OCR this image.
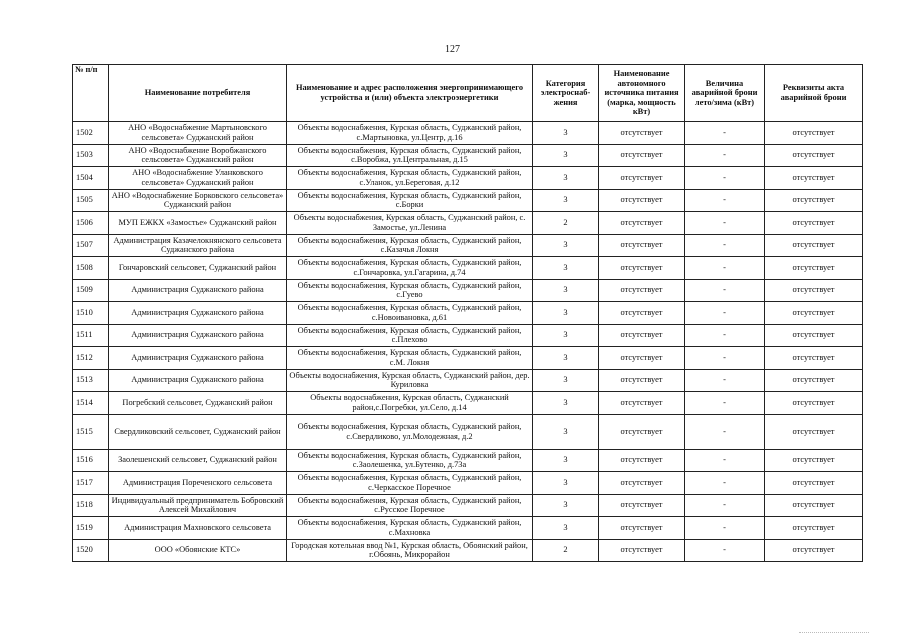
127
№ п/п	Наименование потребителя	Наименование и адрес расположения энергопринимающего устройства и (или) объекта электроэнергетики	Категория электроснаб-жения	Наименование автономного источника питания (марка, мощность кВт)	Величина аварийной брони лето/зима (кВт)	Реквизиты акта аварийной брони
1502	АНО «Водоснабжение Мартыновского сельсовета» Суджанский район	Объекты водоснабжения, Курская область, Суджанский район, с.Мартыновка, ул.Центр, д.16	3	отсутствует	-	отсутствует
1503	АНО «Водоснабжение Воробжанского сельсовета» Суджанский район	Объекты водоснабжения, Курская область, Суджанский район, с.Воробжа, ул.Центральная, д.15	3	отсутствует	-	отсутствует
1504	АНО «Водоснабжение Уланковского сельсовета» Суджанский район	Объекты водоснабжения, Курская область, Суджанский район, с.Уланок, ул.Береговая, д.12	3	отсутствует	-	отсутствует
1505	АНО «Водоснабжение Борковского сельсовета» Суджанский район	Объекты водоснабжения, Курская область, Суджанский район, с.Борки	3	отсутствует	-	отсутствует
1506	МУП ЕЖКХ «Замостье» Суджанский район	Объекты водоснабжения, Курская область, Суджанский район, с. Замостье, ул.Ленина	2	отсутствует	-	отсутствует
1507	Администрация Казачелокнянского сельсовета Суджанского района	Объекты водоснабжения, Курская область, Суджанский район, с.Казачья Локня	3	отсутствует	-	отсутствует
1508	Гончаровский сельсовет, Суджанский район	Объекты водоснабжения, Курская область, Суджанский район, с.Гончаровка, ул.Гагарина, д.74	3	отсутствует	-	отсутствует
1509	Администрация Суджанского района	Объекты водоснабжения, Курская область, Суджанский район, с.Гуево	3	отсутствует	-	отсутствует
1510	Администрация Суджанского района	Объекты водоснабжения, Курская область, Суджанский район, с.Новоивановка, д.61	3	отсутствует	-	отсутствует
1511	Администрация Суджанского района	Объекты водоснабжения, Курская область, Суджанский район, с.Плехово	3	отсутствует	-	отсутствует
1512	Администрация Суджанского района	Объекты водоснабжения, Курская область, Суджанский район, с.М. Локня	3	отсутствует	-	отсутствует
1513	Администрация Суджанского района	Объекты водоснабжения, Курская область, Суджанский район, дер. Куриловка	3	отсутствует	-	отсутствует
1514	Погребский сельсовет, Суджанский район	Объекты водоснабжения, Курская область, Суджанский район,с.Погребки, ул.Село, д.14	3	отсутствует	-	отсутствует
1515	Свердликовский сельсовет, Суджанский район	Объекты водоснабжения, Курская область, Суджанский район, с.Свердликово, ул.Молодежная, д.2	3	отсутствует	-	отсутствует
1516	Заолешенский сельсовет, Суджанский район	Объекты водоснабжения, Курская область, Суджанский район, с.Заолешенка, ул.Бутенко, д.73а	3	отсутствует	-	отсутствует
1517	Администрация Пореченского сельсовета	Объекты водоснабжения, Курская область, Суджанский район, с.Черкасское Поречное	3	отсутствует	-	отсутствует
1518	Индивидуальный предприниматель Бобровский Алексей Михайлович	Объекты водоснабжения, Курская область, Суджанский район, с.Русское Поречное	3	отсутствует	-	отсутствует
1519	Администрация Махновского сельсовета	Объекты водоснабжения, Курская область, Суджанский район, с.Махновка	3	отсутствует	-	отсутствует
1520	ООО «Обоянские КТС»	Городская котельная ввод №1, Курская область, Обоянский район, г.Обоянь, Микрорайон	2	отсутствует	-	отсутствует
